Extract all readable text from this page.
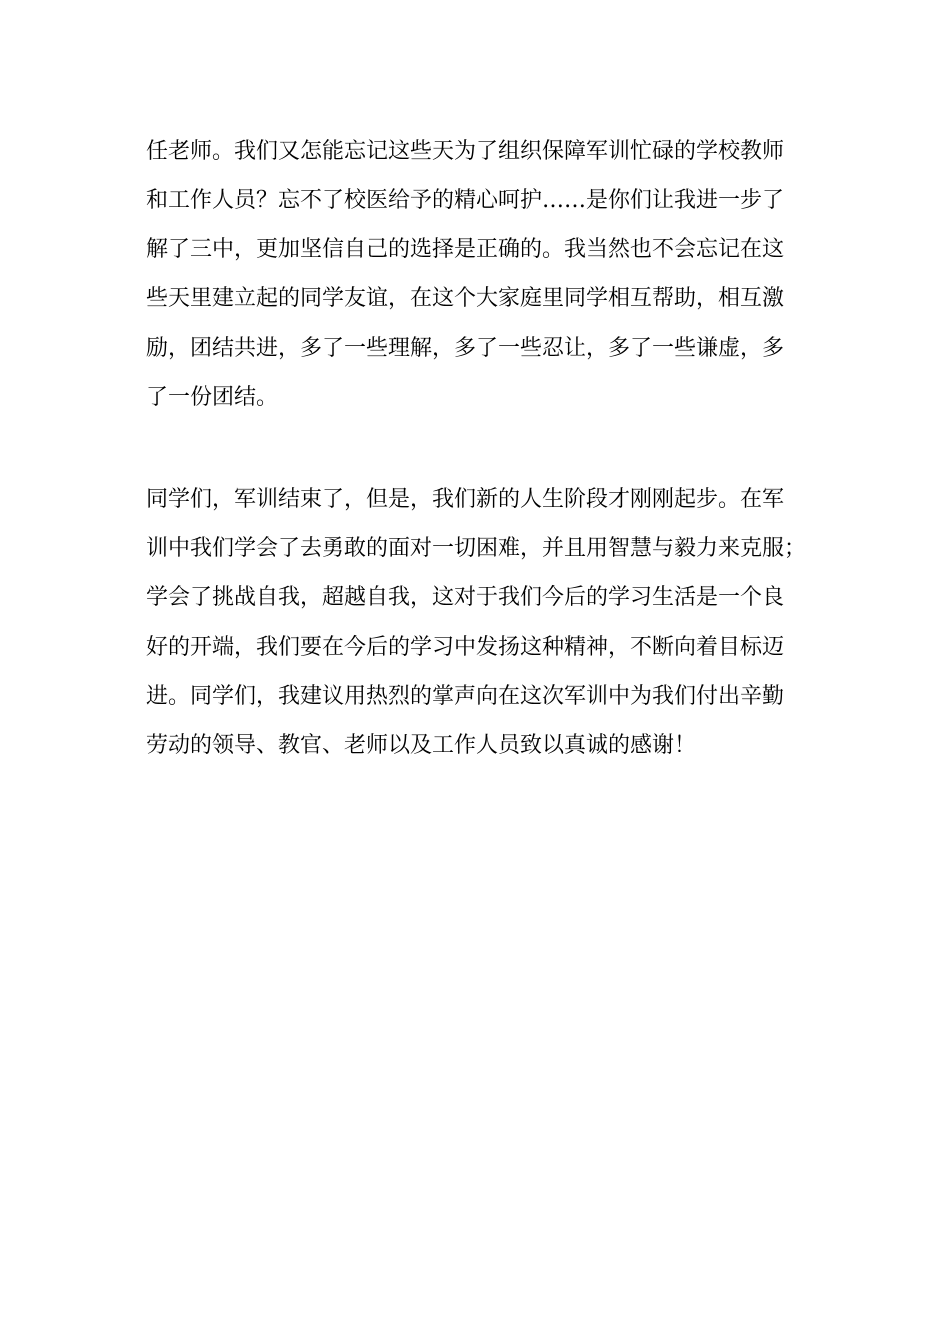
任老师。我们又怎能忘记这些天为了组织保障军训忙碌的学校教师
和工作人员？忘不了校医给予的精心呵护……是你们让我进一步了
解了三中，更加坚信自己的选择是正确的。我当然也不会忘记在这
些天里建立起的同学友谊，在这个大家庭里同学相互帮助，相互激
励，团结共进，多了一些理解，多了一些忍让，多了一些谦虚，多
了一份团结。
同学们，军训结束了，但是，我们新的人生阶段才刚刚起步。在军
训中我们学会了去勇敢的面对一切困难，并且用智慧与毅力来克服；
学会了挑战自我，超越自我，这对于我们今后的学习生活是一个良
好的开端，我们要在今后的学习中发扬这种精神，不断向着目标迈
进。同学们，我建议用热烈的掌声向在这次军训中为我们付出辛勤
劳动的领导、教官、老师以及工作人员致以真诚的感谢！
